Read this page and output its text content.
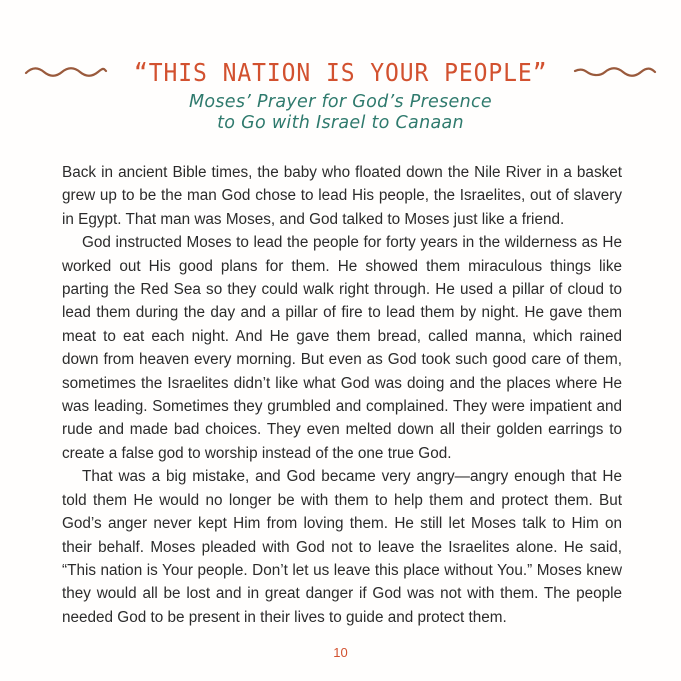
“THIS NATION IS YOUR PEOPLE”
Moses’ Prayer for God’s Presence
to Go with Israel to Canaan

Back in ancient Bible times, the baby who floated down the Nile River in a basket grew up to be the man God chose to lead His people, the Israelites, out of slavery in Egypt. That man was Moses, and God talked to Moses just like a friend.

God instructed Moses to lead the people for forty years in the wilderness as He worked out His good plans for them. He showed them miraculous things like parting the Red Sea so they could walk right through. He used a pillar of cloud to lead them during the day and a pillar of fire to lead them by night. He gave them meat to eat each night. And He gave them bread, called manna, which rained down from heaven every morning. But even as God took such good care of them, sometimes the Israelites didn’t like what God was doing and the places where He was leading. Sometimes they grumbled and complained. They were impatient and rude and made bad choices. They even melted down all their golden earrings to create a false god to worship instead of the one true God.

That was a big mistake, and God became very angry—angry enough that He told them He would no longer be with them to help them and protect them. But God’s anger never kept Him from loving them. He still let Moses talk to Him on their behalf. Moses pleaded with God not to leave the Israelites alone. He said, “This nation is Your people. Don’t let us leave this place without You.” Moses knew they would all be lost and in great danger if God was not with them. The people needed God to be present in their lives to guide and protect them.

10
